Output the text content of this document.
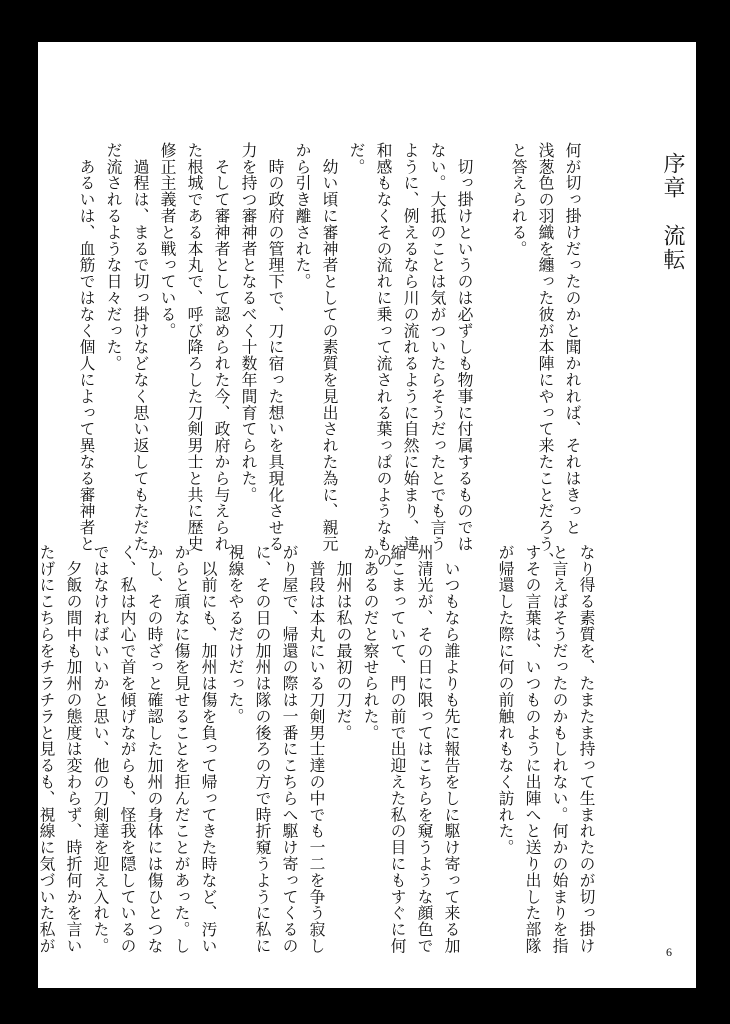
序章　流転
何が切っ掛けだったのかと聞かれれば、それはきっと
浅葱色の羽織を纏った彼が本陣にやって来たことだろう、
と答えられる。

　切っ掛けというのは必ずしも物事に付属するものでは
ない。大抵のことは気がついたらそうだったとでも言う
ように、例えるなら川の流れるように自然に始まり、違
和感もなくその流れに乗って流される葉っぱのようなもの
だ。
　幼い頃に審神者としての素質を見出された為に、親元
から引き離された。
　時の政府の管理下で、刀に宿った想いを具現化させる
力を持つ審神者となるべく十数年間育てられた。
　そして審神者として認められた今、政府から与えられ
た根城である本丸で、呼び降ろした刀剣男士と共に歴史
修正主義者と戦っている。
　過程は、まるで切っ掛けなどなく思い返してもただた
だ流されるような日々だった。
　あるいは、血筋ではなく個人によって異なる審神者と
なり得る素質を、たまたま持って生まれたのが切っ掛け
と言えばそうだったのかもしれない。何かの始まりを指
すその言葉は、いつものように出陣へと送り出した部隊
が帰還した際に何の前触れもなく訪れた。

　いつもなら誰よりも先に報告をしに駆け寄って来る加
州清光が、その日に限ってはこちらを窺うような顔色で
縮こまっていて、門の前で出迎えた私の目にもすぐに何
かあるのだと察せられた。
　加州は私の最初の刀だ。
　普段は本丸にいる刀剣男士達の中でも一二を争う寂し
がり屋で、帰還の際は一番にこちらへ駆け寄ってくるの
に、その日の加州は隊の後ろの方で時折窺うように私に
視線をやるだけだった。
　以前にも、加州は傷を負って帰ってきた時など、汚い
からと頑なに傷を見せることを拒んだことがあった。し
かし、その時ざっと確認した加州の身体には傷ひとつな
く、私は内心で首を傾げながらも、怪我を隠しているの
ではなければいいかと思い、他の刀剣達を迎え入れた。
　夕飯の間中も加州の態度は変わらず、時折何かを言い
たげにこちらをチラチラと見るも、視線に気づいた私が	6
